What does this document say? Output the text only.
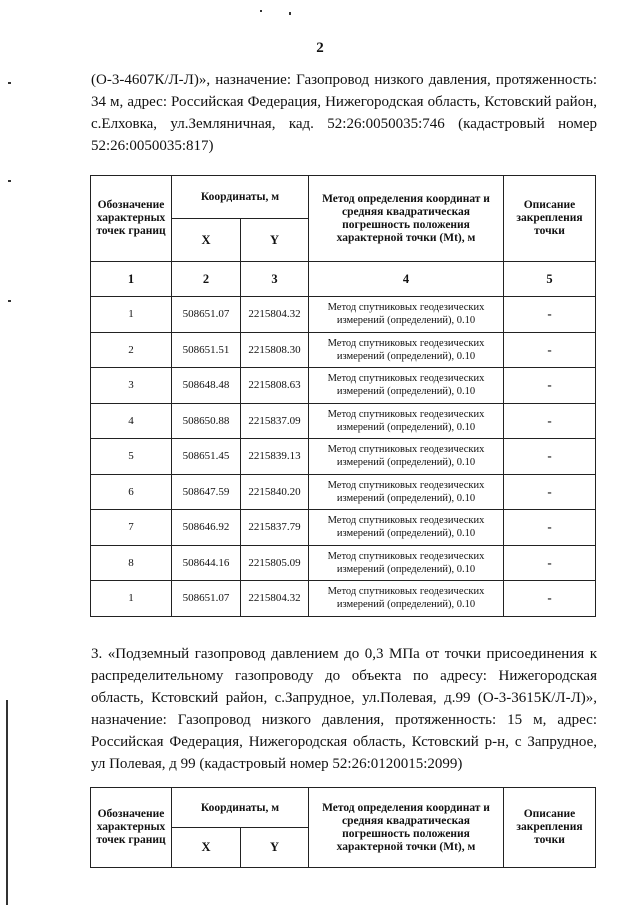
2

(О-3-4607К/Л-Л)», назначение: Газопровод низкого давления, протяженность: 34 м, адрес: Российская Федерация, Нижегородская область, Кстовский район, с.Елховка, ул.Земляничная, кад. 52:26:0050035:746 (кадастровый номер 52:26:0050035:817)

Обозначение характерных точек границ	Координаты, м		Метод определения координат и средняя квадратическая погрешность положения характерной точки (Mt), м	Описание закрепления точки
	X	Y		
1	2	3	4	5
1	508651.07	2215804.32	Метод спутниковых геодезических измерений (определений), 0.10	-
2	508651.51	2215808.30	Метод спутниковых геодезических измерений (определений), 0.10	-
3	508648.48	2215808.63	Метод спутниковых геодезических измерений (определений), 0.10	-
4	508650.88	2215837.09	Метод спутниковых геодезических измерений (определений), 0.10	-
5	508651.45	2215839.13	Метод спутниковых геодезических измерений (определений), 0.10	-
6	508647.59	2215840.20	Метод спутниковых геодезических измерений (определений), 0.10	-
7	508646.92	2215837.79	Метод спутниковых геодезических измерений (определений), 0.10	-
8	508644.16	2215805.09	Метод спутниковых геодезических измерений (определений), 0.10	-
1	508651.07	2215804.32	Метод спутниковых геодезических измерений (определений), 0.10	-

3. «Подземный газопровод давлением до 0,3 МПа от точки присоединения к распределительному газопроводу до объекта по адресу: Нижегородская область, Кстовский район, с.Запрудное, ул.Полевая, д.99 (О-3-3615К/Л-Л)», назначение: Газопровод низкого давления, протяженность: 15 м, адрес: Российская Федерация, Нижегородская область, Кстовский р-н, с Запрудное, ул Полевая, д 99 (кадастровый номер 52:26:0120015:2099)

Обозначение характерных точек границ	Координаты, м		Метод определения координат и средняя квадратическая погрешность положения характерной точки (Mt), м	Описание закрепления точки
	X	Y		
